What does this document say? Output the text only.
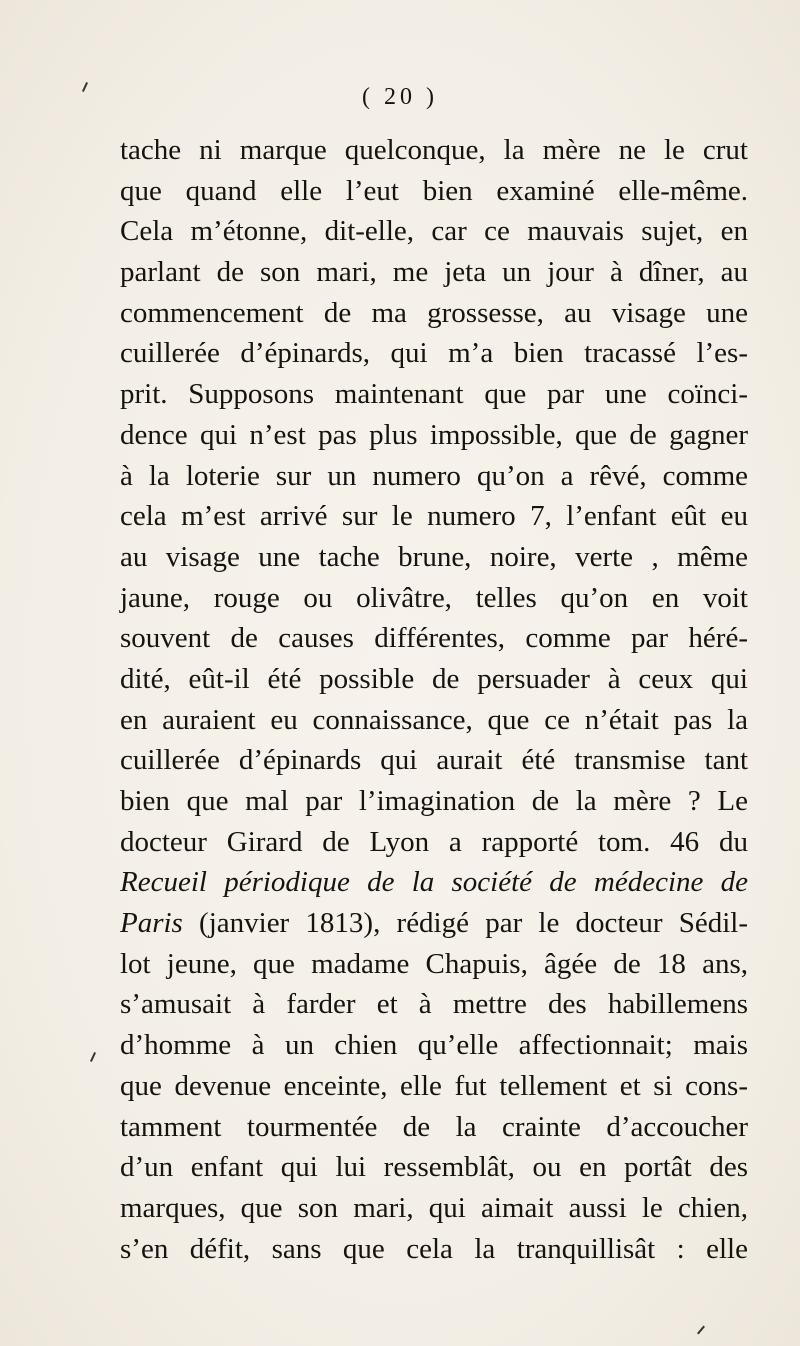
( 20 )
tache ni marque quelconque, la mère ne le crut
que quand elle l’eut bien examiné elle-même.
Cela m’étonne, dit-elle, car ce mauvais sujet, en
parlant de son mari, me jeta un jour à dîner, au
commencement de ma grossesse, au visage une
cuillerée d’épinards, qui m’a bien tracassé l’es-
prit. Supposons maintenant que par une coïnci-
dence qui n’est pas plus impossible, que de gagner
à la loterie sur un numero qu’on a rêvé, comme
cela m’est arrivé sur le numero 7, l’enfant eût eu
au visage une tache brune, noire, verte , même
jaune, rouge ou olivâtre, telles qu’on en voit
souvent de causes différentes, comme par héré-
dité, eût-il été possible de persuader à ceux qui
en auraient eu connaissance, que ce n’était pas la
cuillerée d’épinards qui aurait été transmise tant
bien que mal par l’imagination de la mère ? Le
docteur Girard de Lyon a rapporté tom. 46 du
Recueil périodique de la société de médecine de
Paris (janvier 1813), rédigé par le docteur Sédil-
lot jeune, que madame Chapuis, âgée de 18 ans,
s’amusait à farder et à mettre des habillemens
d’homme à un chien qu’elle affectionnait; mais
que devenue enceinte, elle fut tellement et si cons-
tamment tourmentée de la crainte d’accoucher
d’un enfant qui lui ressemblât, ou en portât des
marques, que son mari, qui aimait aussi le chien,
s’en défit, sans que cela la tranquillisât : elle
